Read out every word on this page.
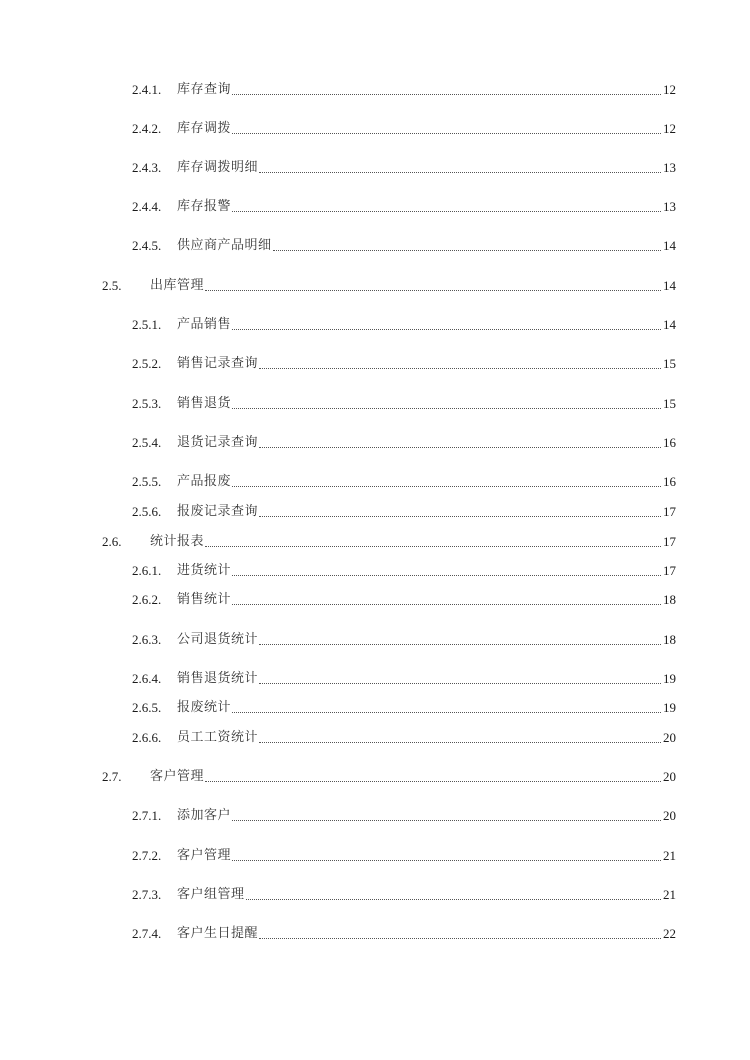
2.4.1. 库存查询	12
2.4.2. 库存调拨	12
2.4.3. 库存调拨明细	13
2.4.4. 库存报警	13
2.4.5. 供应商产品明细	14
2.5. 出库管理	14
2.5.1. 产品销售	14
2.5.2. 销售记录查询	15
2.5.3. 销售退货	15
2.5.4. 退货记录查询	16
2.5.5. 产品报废	16
2.5.6. 报废记录查询	17
2.6. 统计报表	17
2.6.1. 进货统计	17
2.6.2. 销售统计	18
2.6.3. 公司退货统计	18
2.6.4. 销售退货统计	19
2.6.5. 报废统计	19
2.6.6. 员工工资统计	20
2.7. 客户管理	20
2.7.1. 添加客户	20
2.7.2. 客户管理	21
2.7.3. 客户组管理	21
2.7.4. 客户生日提醒	22
